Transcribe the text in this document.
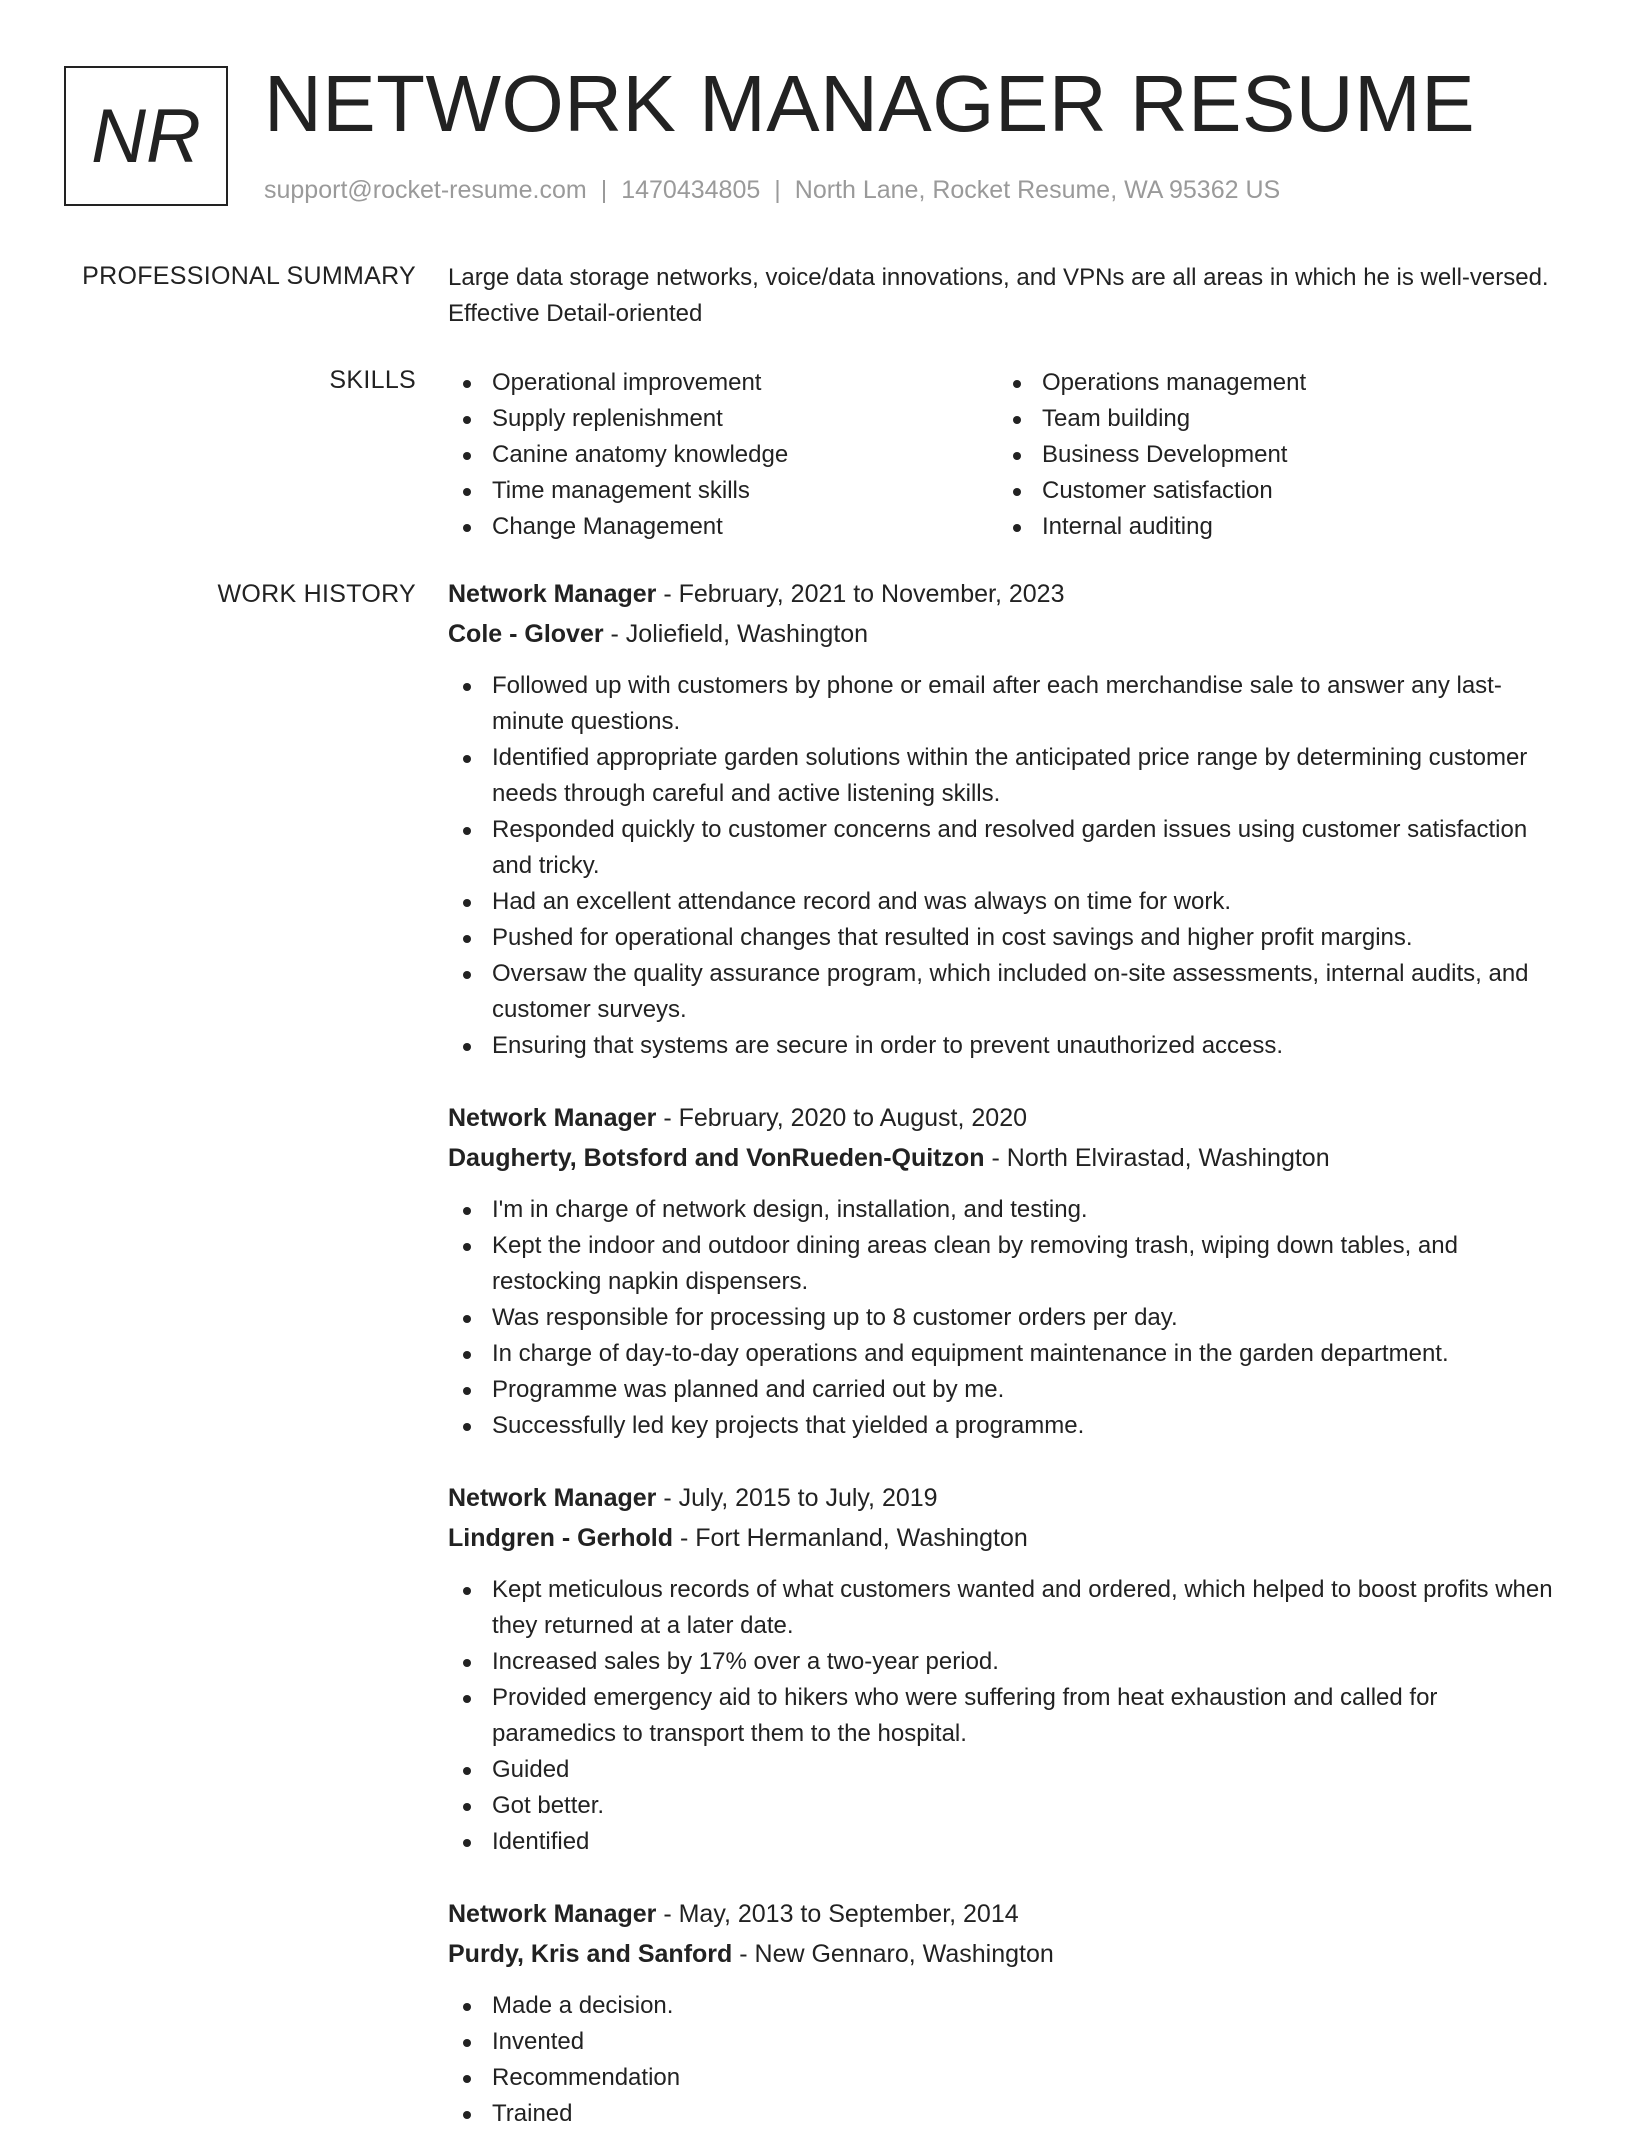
NR NETWORK MANAGER RESUME
support@rocket-resume.com | 1470434805 | North Lane, Rocket Resume, WA 95362 US
PROFESSIONAL SUMMARY Large data storage networks, voice/data innovations, and VPNs are all areas in which he is well-versed. Effective Detail-oriented

SKILLS	Operational improvement
Supply replenishment
Canine anatomy knowledge
Time management skills
Change Management
Operations management
Team building
Business Development
Customer satisfaction
Internal auditing
WORK HISTORY Network Manager - February, 2021 to November, 2023
Cole - Glover - Joliefield, Washington
Followed up with customers by phone or email after each merchandise sale to answer any last-minute questions.
Identified appropriate garden solutions within the anticipated price range by determining customer needs through careful and active listening skills.
Responded quickly to customer concerns and resolved garden issues using customer satisfaction and tricky.
Had an excellent attendance record and was always on time for work.
Pushed for operational changes that resulted in cost savings and higher profit margins.
Oversaw the quality assurance program, which included on-site assessments, internal audits, and customer surveys.
Ensuring that systems are secure in order to prevent unauthorized access.
Network Manager - February, 2020 to August, 2020
Daugherty, Botsford and VonRueden-Quitzon - North Elvirastad, Washington
I'm in charge of network design, installation, and testing.
Kept the indoor and outdoor dining areas clean by removing trash, wiping down tables, and restocking napkin dispensers.
Was responsible for processing up to 8 customer orders per day.
In charge of day-to-day operations and equipment maintenance in the garden department.
Programme was planned and carried out by me.
Successfully led key projects that yielded a programme.
Network Manager - July, 2015 to July, 2019
Lindgren - Gerhold - Fort Hermanland, Washington
Kept meticulous records of what customers wanted and ordered, which helped to boost profits when they returned at a later date.
Increased sales by 17% over a two-year period.
Provided emergency aid to hikers who were suffering from heat exhaustion and called for paramedics to transport them to the hospital.
Guided
Got better.
Identified
Network Manager - May, 2013 to September, 2014
Purdy, Kris and Sanford - New Gennaro, Washington
Made a decision.
Invented
Recommendation
Trained
